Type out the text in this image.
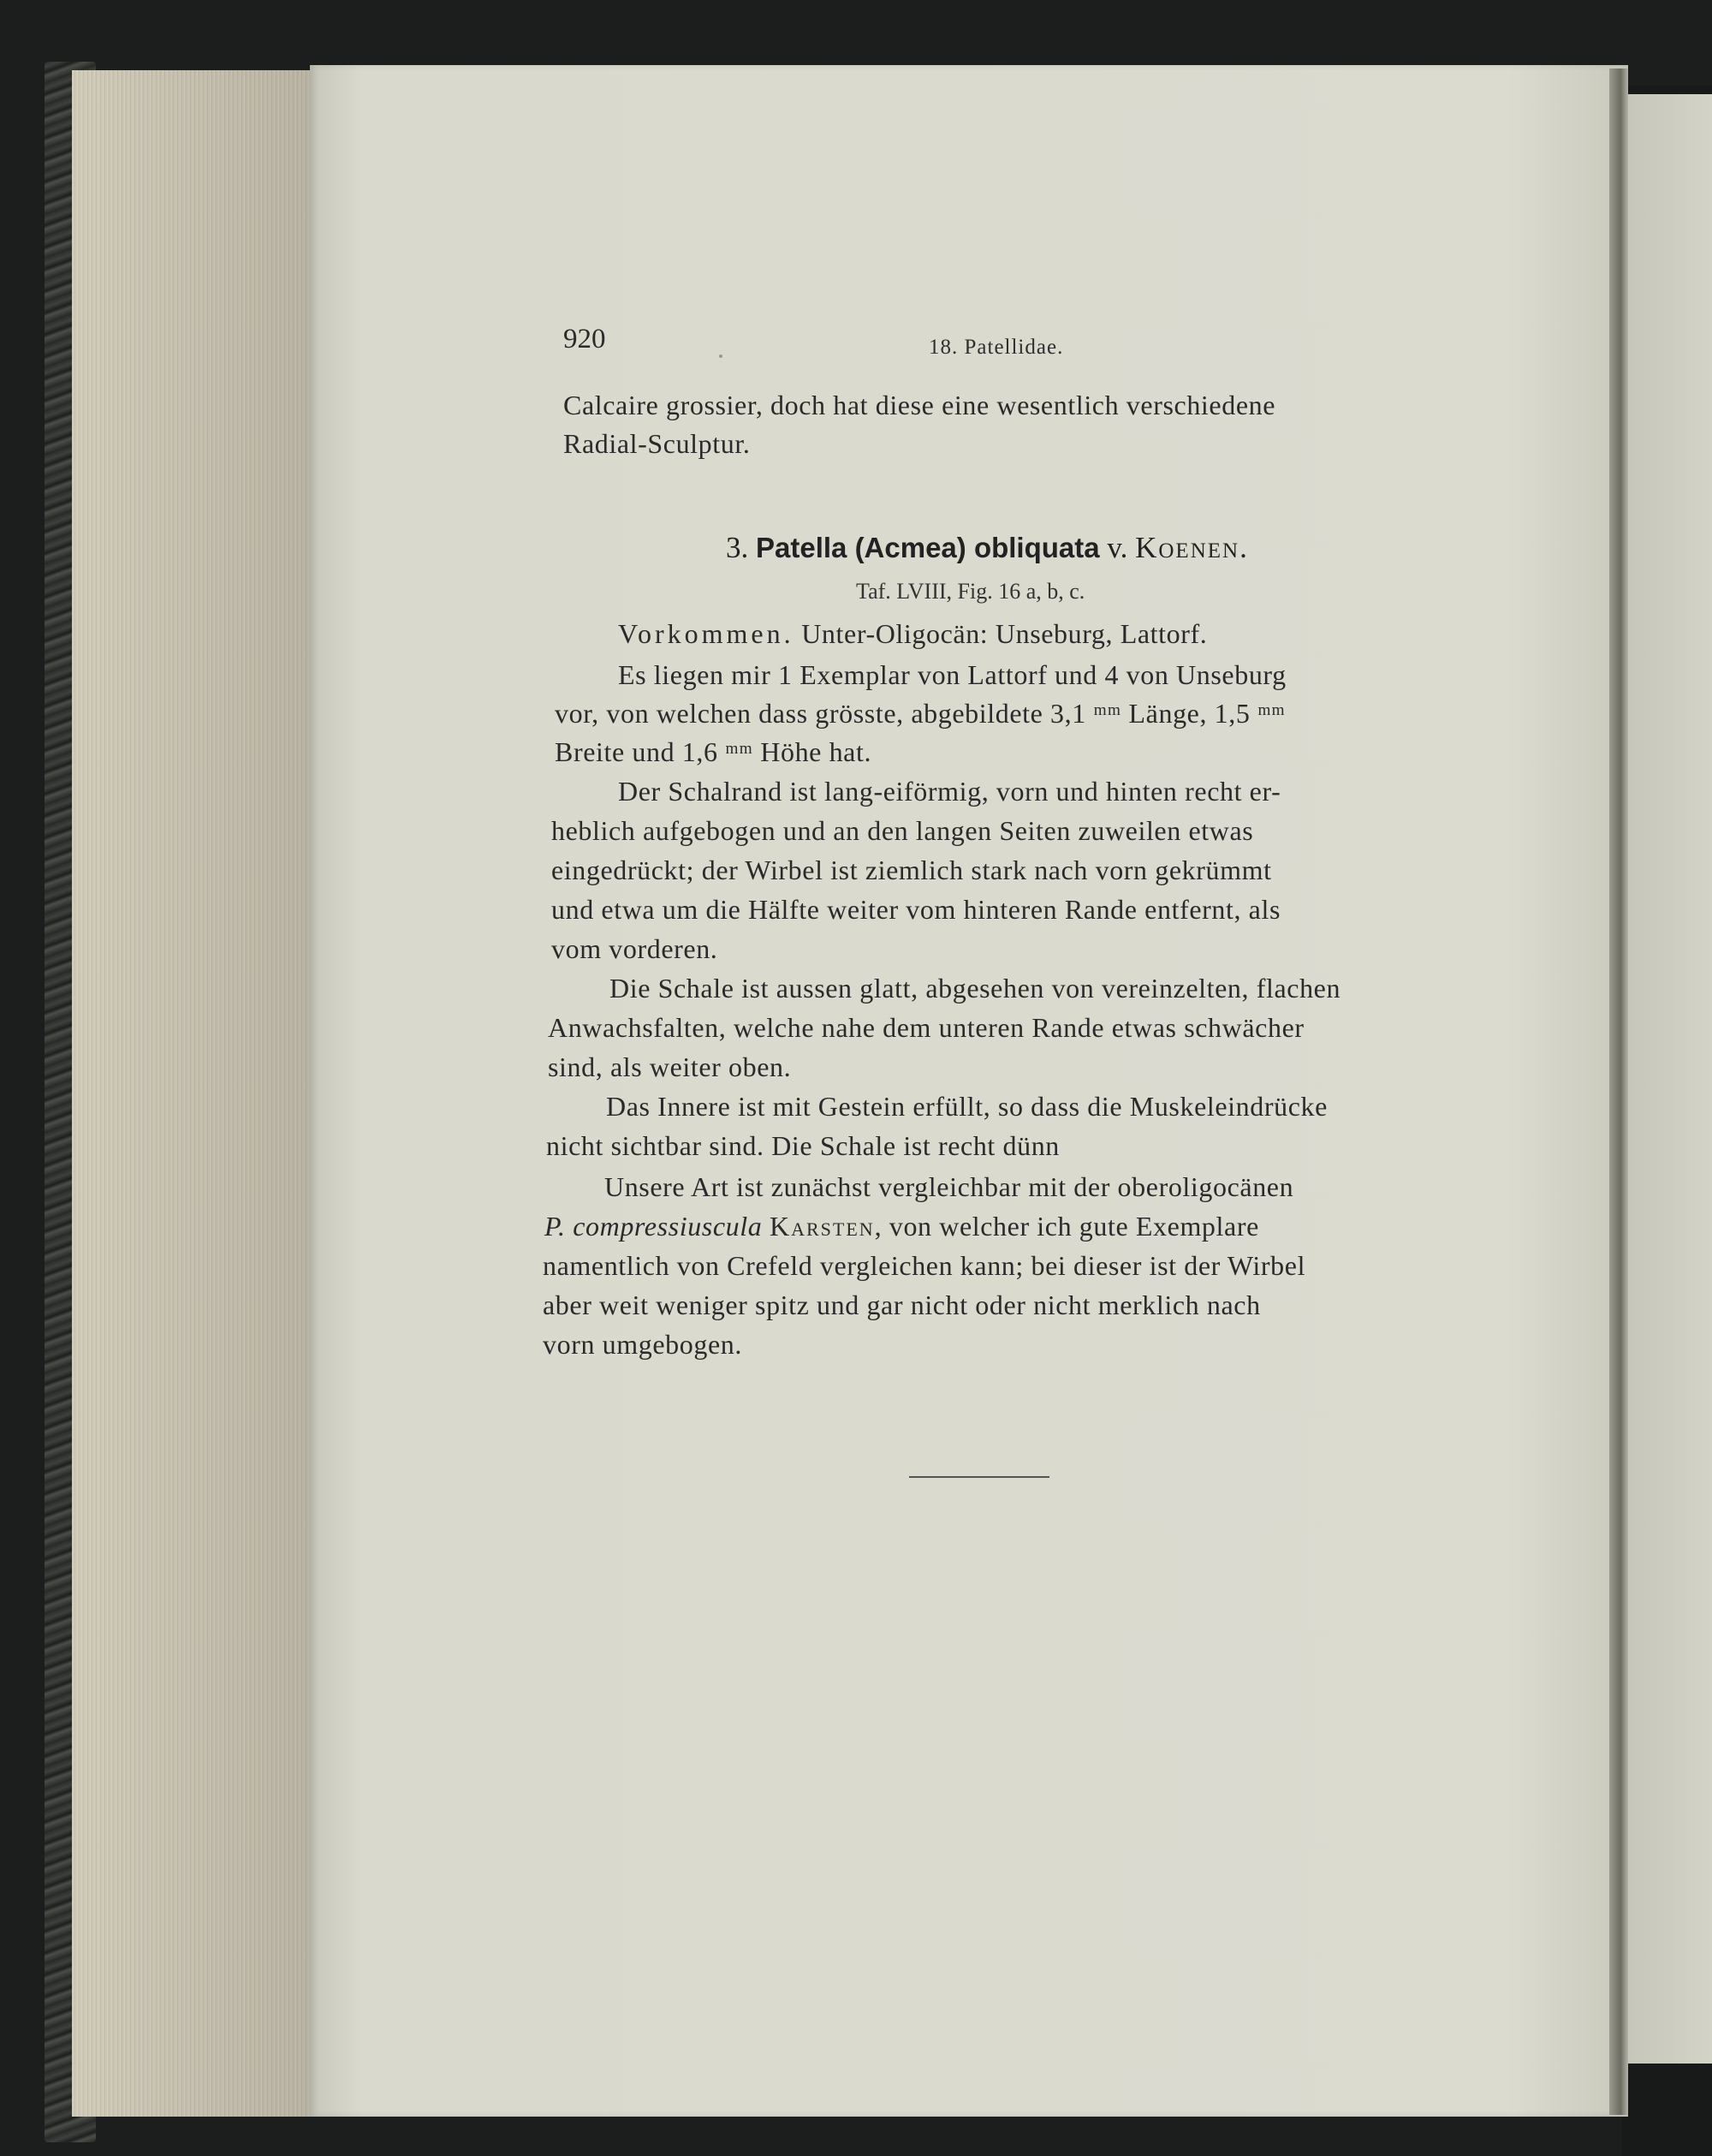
920	18. Patellidae.
Calcaire grossier, doch hat diese eine wesentlich verschiedene
Radial-Sculptur.
3. Patella (Acmea) obliquata v. Koenen.
Taf. LVIII, Fig. 16 a, b, c.
Vorkommen. Unter-Oligocän: Unseburg, Lattorf.
Es liegen mir 1 Exemplar von Lattorf und 4 von Unseburg
vor, von welchen dass grösste, abgebildete 3,1 ᵐᵐ Länge, 1,5 ᵐᵐ
Breite und 1,6 ᵐᵐ Höhe hat.
Der Schalrand ist lang-eiförmig, vorn und hinten recht er-
heblich aufgebogen und an den langen Seiten zuweilen etwas
eingedrückt; der Wirbel ist ziemlich stark nach vorn gekrümmt
und etwa um die Hälfte weiter vom hinteren Rande entfernt, als
vom vorderen.
Die Schale ist aussen glatt, abgesehen von vereinzelten, flachen
Anwachsfalten, welche nahe dem unteren Rande etwas schwächer
sind, als weiter oben.
Das Innere ist mit Gestein erfüllt, so dass die Muskeleindrücke
nicht sichtbar sind. Die Schale ist recht dünn
Unsere Art ist zunächst vergleichbar mit der oberoligocänen
P. compressiuscula Karsten, von welcher ich gute Exemplare
namentlich von Crefeld vergleichen kann; bei dieser ist der Wirbel
aber weit weniger spitz und gar nicht oder nicht merklich nach
vorn umgebogen.
